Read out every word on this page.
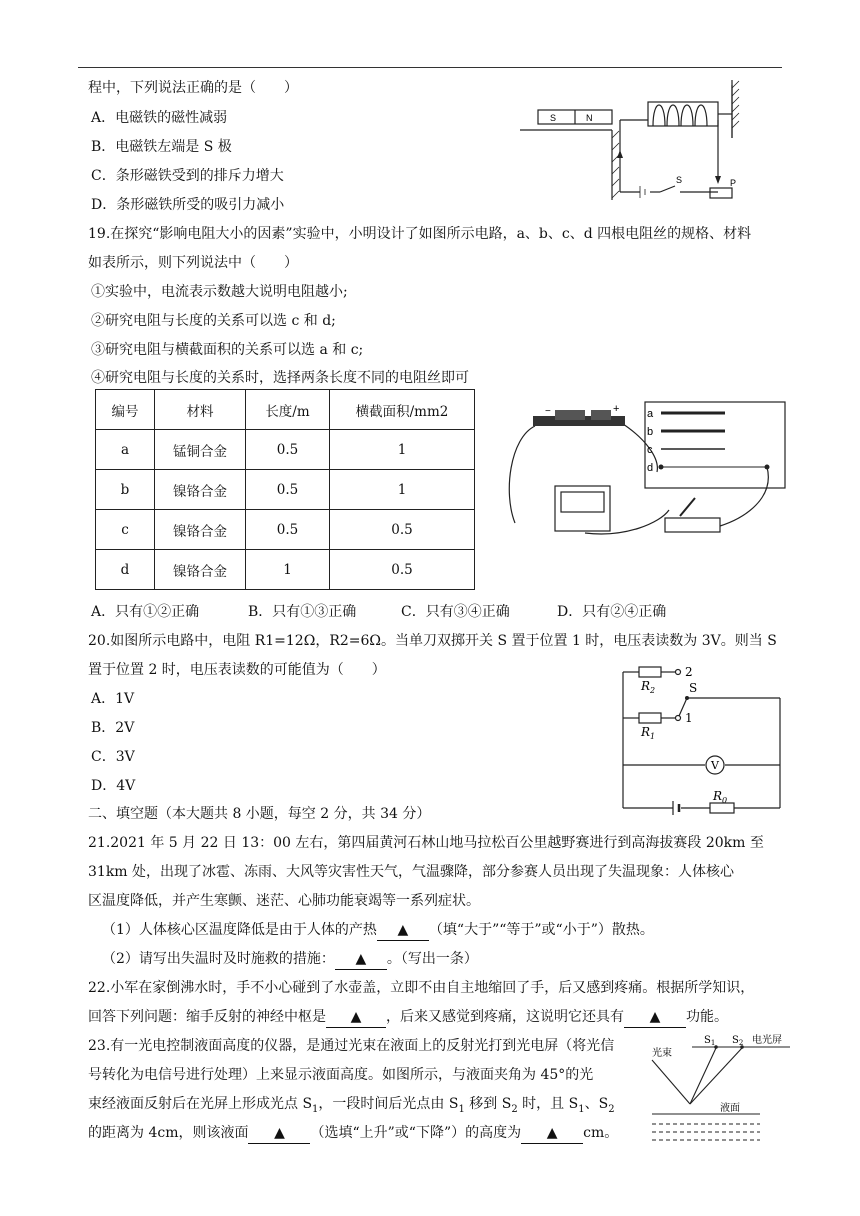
程中，下列说法正确的是（　　）
A．电磁铁的磁性减弱
B．电磁铁左端是 S 极
C．条形磁铁受到的排斥力增大
D．条形磁铁所受的吸引力减小
S	N
S	P
19.在探究“影响电阻大小的因素”实验中，小明设计了如图所示电路，a、b、c、d 四根电阻丝的规格、材料
如表所示，则下列说法中（　　）
①实验中，电流表示数越大说明电阻越小;
②研究电阻与长度的关系可以选 c 和 d;
③研究电阻与横截面积的关系可以选 a 和 c;
④研究电阻与长度的关系时，选择两条长度不同的电阻丝即可
编号	材料	长度/m	横截面积/mm2
a	锰铜合金	0.5	1
b	镍铬合金	0.5	1
c	镍铬合金	0.5	0.5
d	镍铬合金	1	0.5
−	+	a
b
c
d
A．只有①②正确	B．只有①③正确	C．只有③④正确	D．只有②④正确
20.如图所示电路中，电阻 R1=12Ω，R2=6Ω。当单刀双掷开关 S 置于位置 1 时，电压表读数为 3V。则当 S
置于位置 2 时，电压表读数的可能值为（　　）
A．1V
B．2V
C．3V
D．4V
$R_2$
$R_1$
$R_0$
2
1
S
V
二、填空题（本大题共 8 小题，每空 2 分，共 34 分）
21.2021 年 5 月 22 日 13：00 左右，第四届黄河石林山地马拉松百公里越野赛进行到高海拔赛段 20km 至
31km 处，出现了冰雹、冻雨、大风等灾害性天气，气温骤降，部分参赛人员出现了失温现象：人体核心
区温度降低，并产生寒颤、迷茫、心肺功能衰竭等一系列症状。
（1）人体核心区温度降低是由于人体的产热 ▲ （填“大于”“等于”或“小于”）散热。
（2）请写出失温时及时施救的措施： ▲ 。（写出一条）
22.小军在家倒沸水时，手不小心碰到了水壶盖，立即不由自主地缩回了手，后又感到疼痛。根据所学知识，
回答下列问题：缩手反射的神经中枢是 ▲ ，后来又感觉到疼痛，这说明它还具有 ▲ 功能。
23.有一光电控制液面高度的仪器，是通过光束在液面上的反射光打到光电屏（将光信
号转化为电信号进行处理）上来显示液面高度。如图所示，与液面夹角为 45°的光
束经液面反射后在光屏上形成光点 $S_1$，一段时间后光点由 $S_1$ 移到 $S_2$ 时，且 $S_1$、$S_2$
的距离为 4cm，则该液面 ▲ （选填“上升”或“下降”）的高度为 ▲ cm。
光束
电光屏
液面
$S_1$ $S_2$
